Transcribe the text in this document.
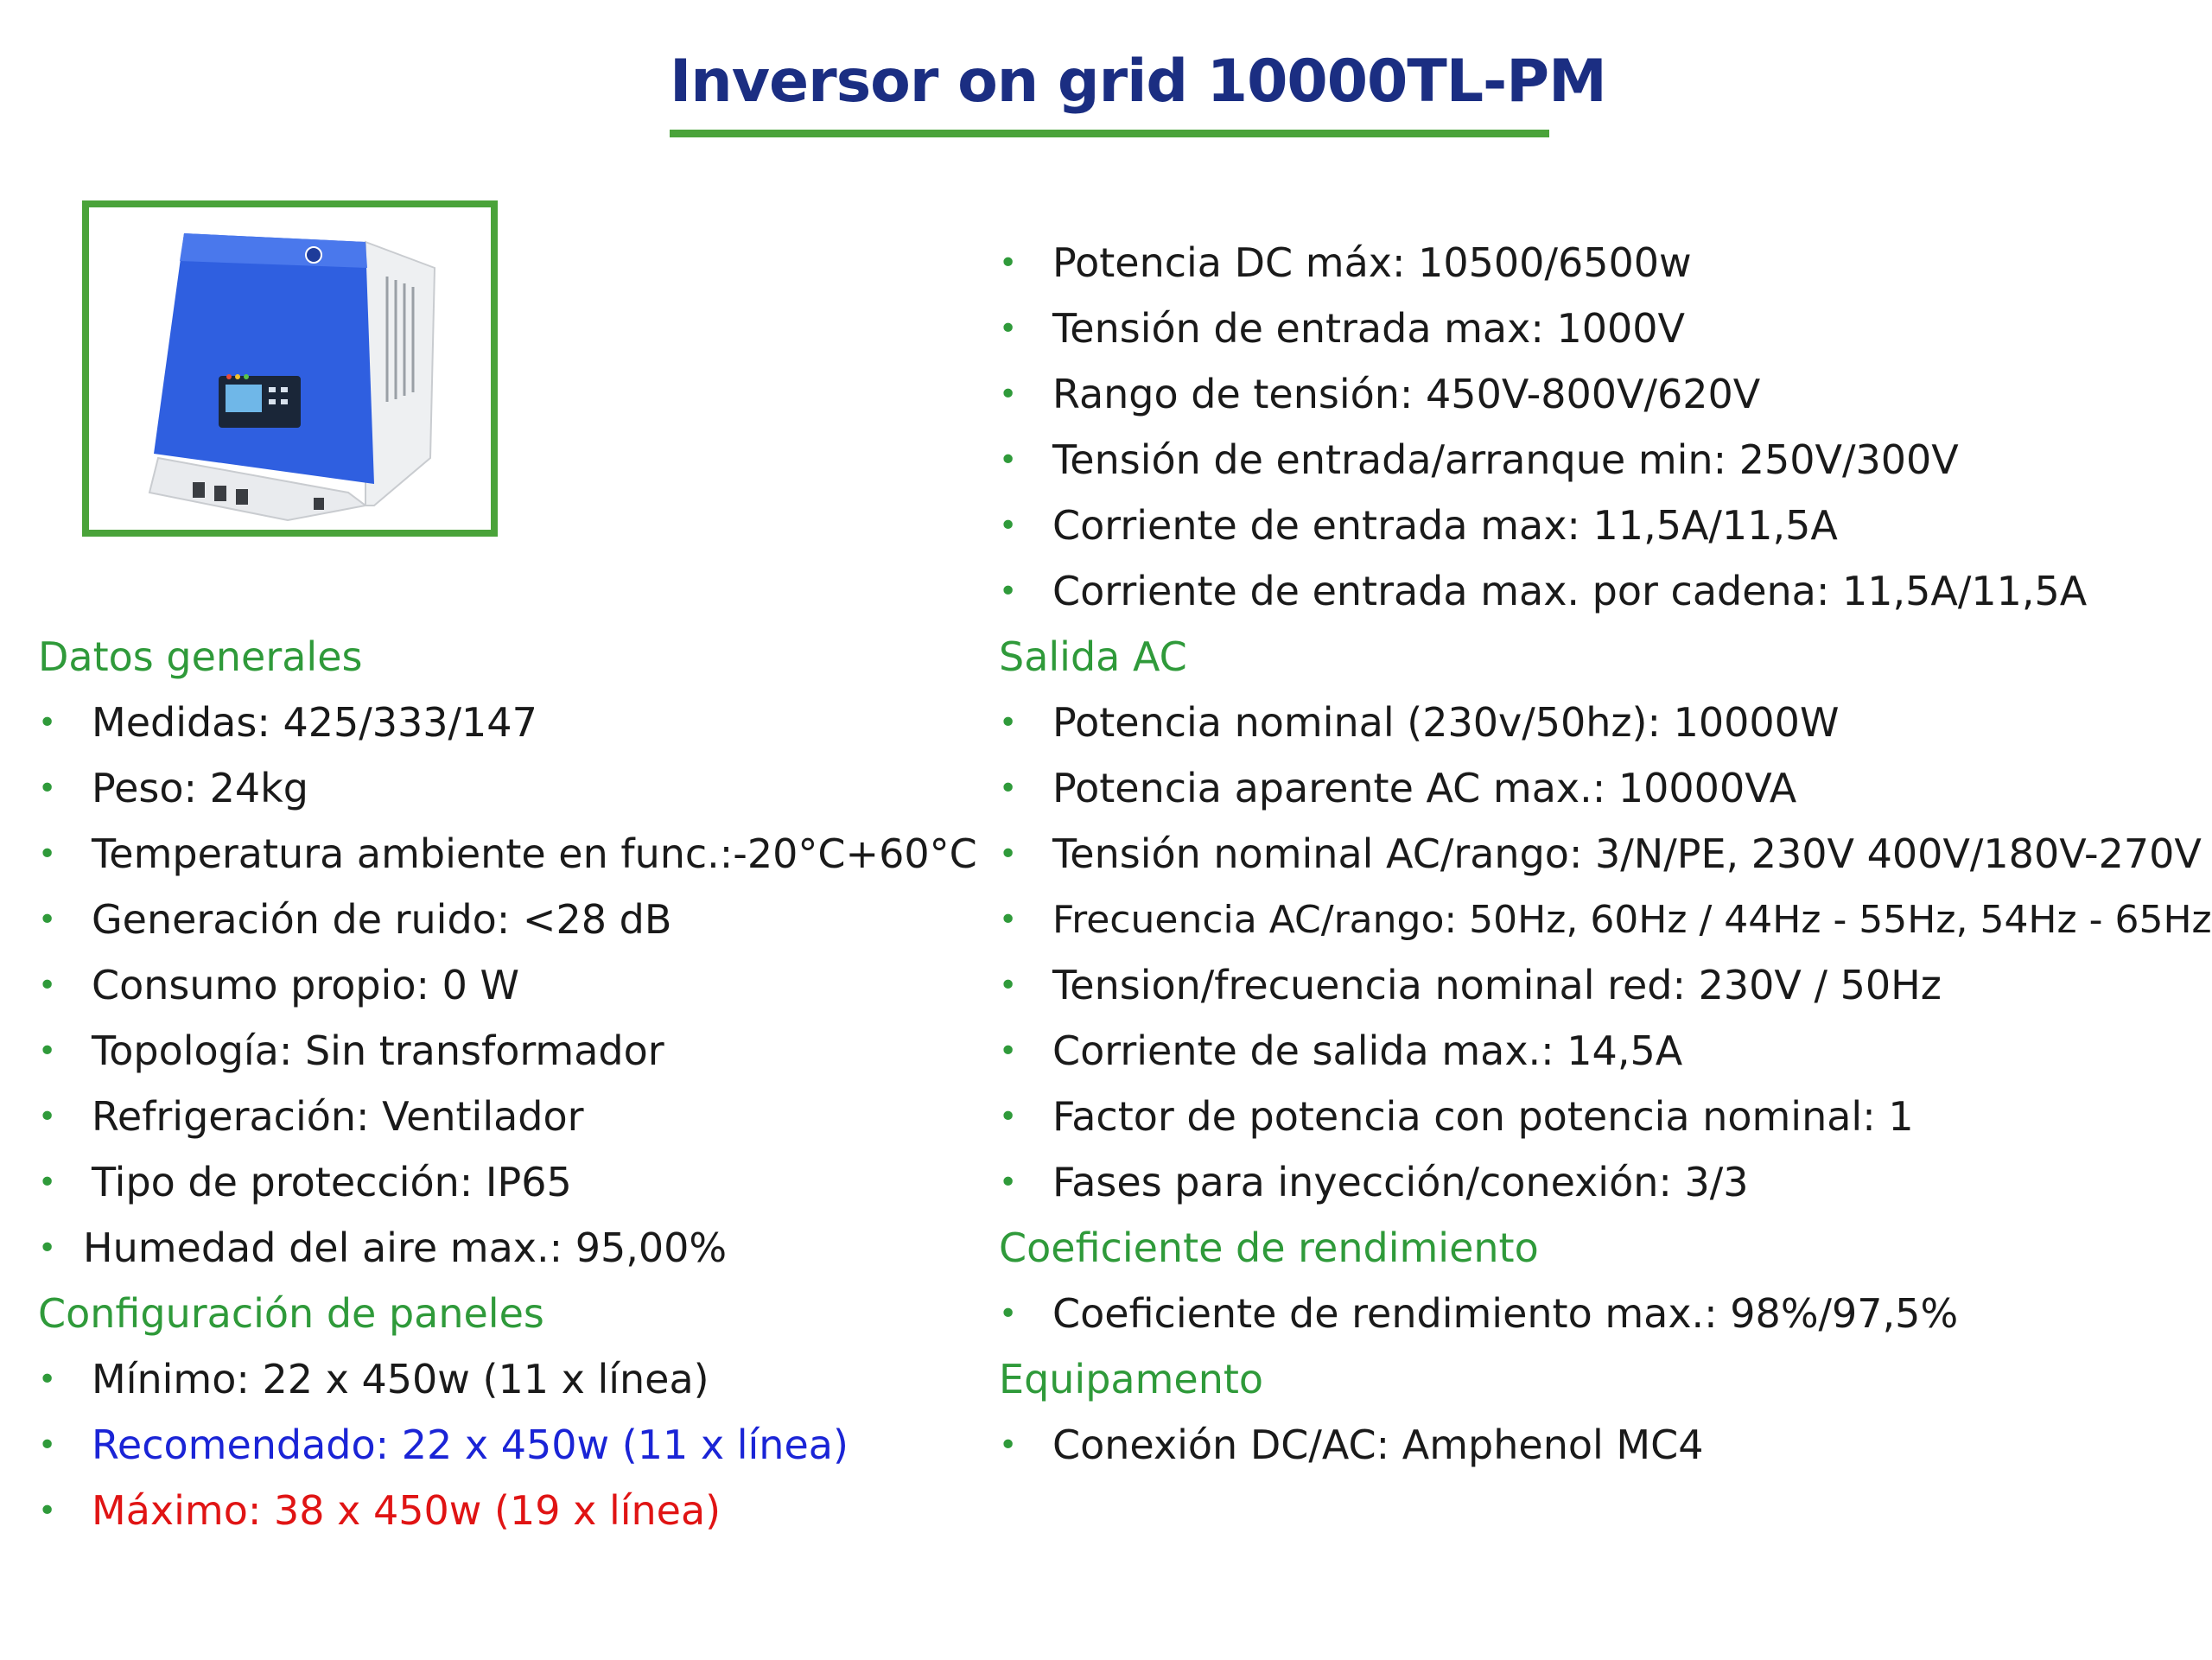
Inversor on grid 10000TL-PM
• Potencia DC máx: 10500/6500w
• Tensión de entrada max: 1000V
• Rango de tensión: 450V-800V/620V
• Tensión de entrada/arranque min: 250V/300V
• Corriente de entrada max: 11,5A/11,5A
• Corriente de entrada max. por cadena: 11,5A/11,5A
Salida AC
• Potencia nominal (230v/50hz): 10000W
• Potencia aparente AC max.: 10000VA
• Tensión nominal AC/rango: 3/N/PE, 230V 400V/180V-270V
• Frecuencia AC/rango: 50Hz, 60Hz / 44Hz - 55Hz, 54Hz - 65Hz
• Tension/frecuencia nominal red: 230V / 50Hz
• Corriente de salida max.: 14,5A
• Factor de potencia con potencia nominal: 1
• Fases para inyección/conexión: 3/3
Coeficiente de rendimiento
• Coeficiente de rendimiento max.: 98%/97,5%
Equipamento
• Conexión DC/AC: Amphenol MC4
Datos generales
• Medidas: 425/333/147
• Peso: 24kg
• Temperatura ambiente en func.:-20°C+60°C
• Generación de ruido: <28 dB
• Consumo propio: 0 W
• Topología: Sin transformador
• Refrigeración: Ventilador
• Tipo de protección: IP65
• Humedad del aire max.: 95,00%
Configuración de paneles
• Mínimo: 22 x 450w (11 x línea)
• Recomendado: 22 x 450w (11 x línea)
• Máximo: 38 x 450w (19 x línea)
